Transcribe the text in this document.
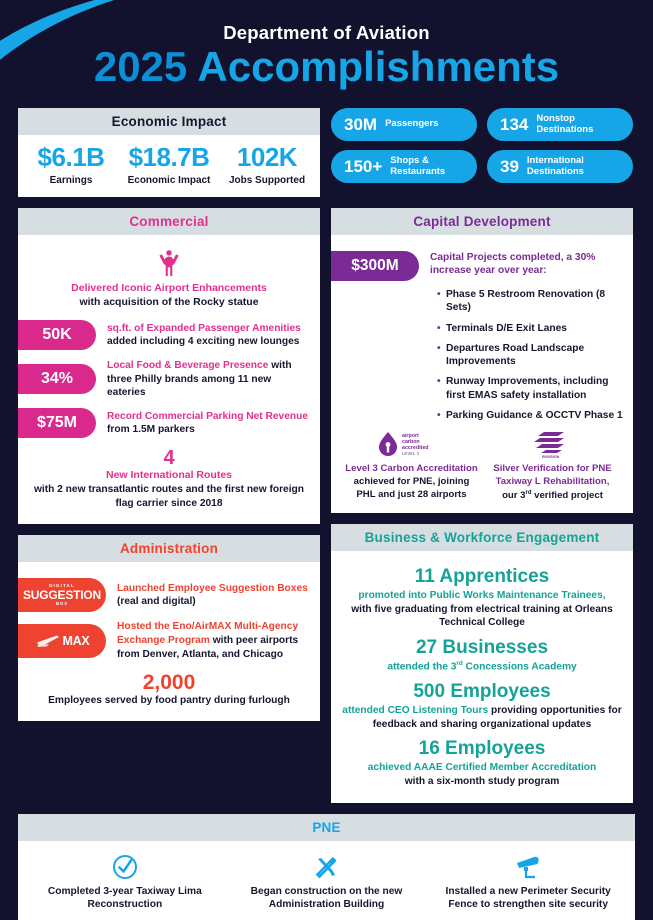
Department of Aviation
2025 Accomplishments
Economic Impact
$6.1B
Earnings
$18.7B
Economic Impact
102K
Jobs Supported
30M Passengers	134 Nonstop Destinations
150+ Shops & Restaurants	39 International Destinations
Commercial
Delivered Iconic Airport Enhancements
with acquisition of the Rocky statue
50K	sq.ft. of Expanded Passenger Amenities
added including 4 exciting new lounges
34%
Local Food & Beverage Presence with three Philly brands among 11 new eateries
$75M	Record Commercial Parking Net Revenue
from 1.5M parkers
4
New International Routes
with 2 new transatlantic routes and the first new foreign flag carrier since 2018
Administration
DIGITAL
SUGGESTION
BOX
Launched Employee Suggestion Boxes
(real and digital)
MAX
Hosted the Eno/AirMAX Multi-Agency Exchange Program with peer airports from Denver, Atlanta, and Chicago
2,000
Employees served by food pantry during furlough
Capital Development
$300M	Capital Projects completed, a 30% increase year over year:
• Phase 5 Restroom Renovation (8 Sets)
• Terminals D/E Exit Lanes
• Departures Road Landscape Improvements
• Runway Improvements, including first EMAS safety installation
• Parking Guidance & OCCTV Phase 1
airport
carbon
accredited
LEVEL 3
Level 3 Carbon Accreditation
achieved for PNE, joining PHL and just 28 airports
ENVISION
Silver Verification for PNE Taxiway L Rehabilitation,
our 3rd verified project
Business & Workforce Engagement
11 Apprentices
promoted into Public Works Maintenance Trainees,
with five graduating from electrical training at Orleans Technical College
27 Businesses
attended the 3rd Concessions Academy
500 Employees
attended CEO Listening Tours providing opportunities for feedback and sharing organizational updates
16 Employees
achieved AAAE Certified Member Accreditation
with a six-month study program
PNE
Completed 3-year Taxiway Lima Reconstruction
Began construction on the new Administration Building
Installed a new Perimeter Security Fence to strengthen site security
